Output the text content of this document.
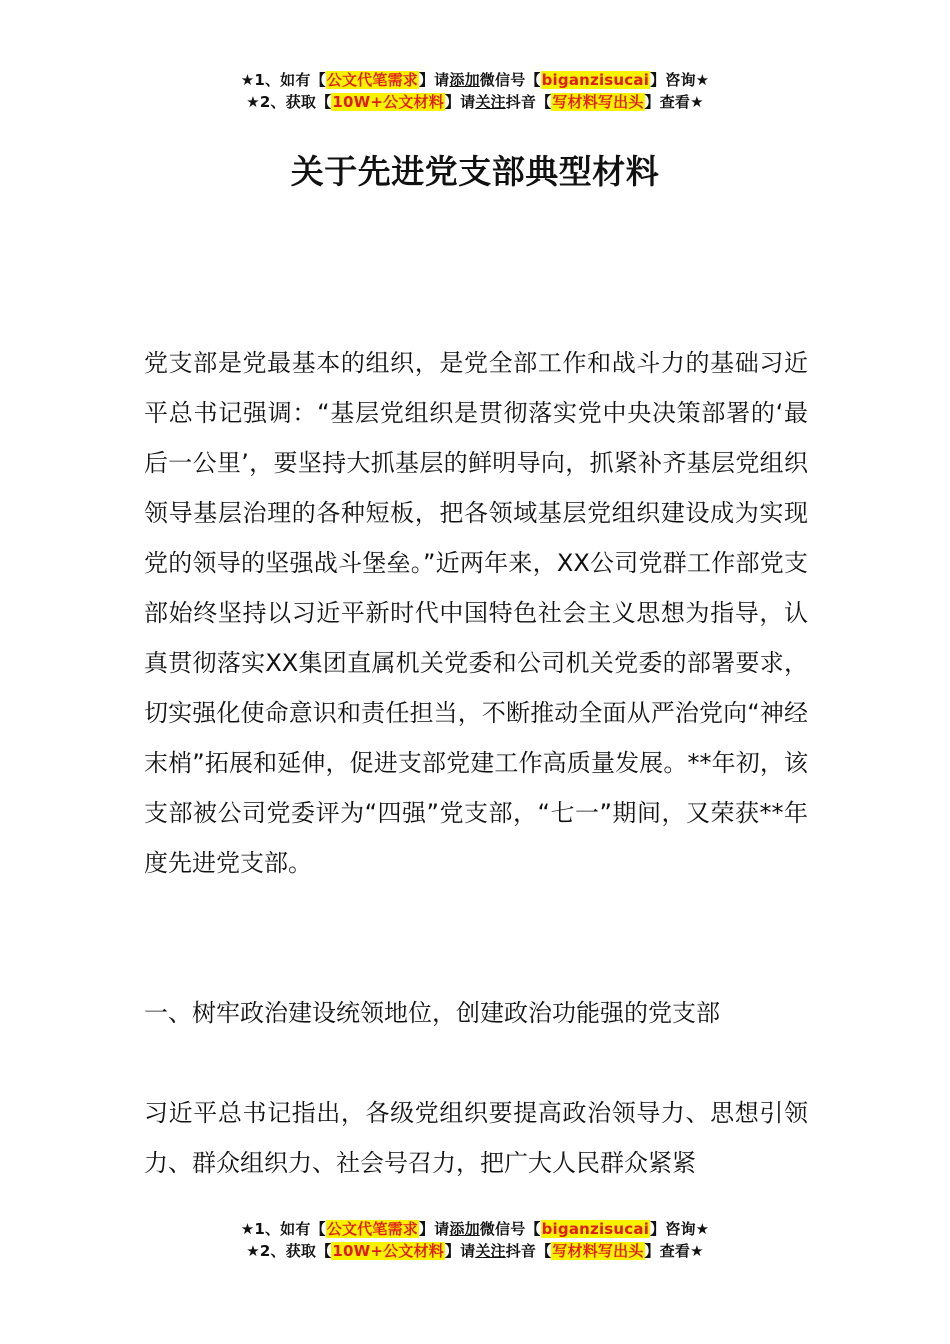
★1、如有【公文代笔需求】请添加微信号【biganzisucai】咨询★
★2、获取【10W+公文材料】请关注抖音【写材料写出头】查看★
关于先进党支部典型材料

党支部是党最基本的组织，是党全部工作和战斗力的基础习近平总书记强调：“基层党组织是贯彻落实党中央决策部署的‘最后一公里’，要坚持大抓基层的鲜明导向，抓紧补齐基层党组织领导基层治理的各种短板，把各领域基层党组织建设成为实现党的领导的坚强战斗堡垒。”近两年来，XX公司党群工作部党支部始终坚持以习近平新时代中国特色社会主义思想为指导，认真贯彻落实XX集团直属机关党委和公司机关党委的部署要求，切实强化使命意识和责任担当，不断推动全面从严治党向“神经末梢”拓展和延伸，促进支部党建工作高质量发展。**年初，该支部被公司党委评为“四强”党支部，“七一”期间，又荣获**年度先进党支部。

一、树牢政治建设统领地位，创建政治功能强的党支部

习近平总书记指出，各级党组织要提高政治领导力、思想引领力、群众组织力、社会号召力，把广大人民群众紧紧

★1、如有【公文代笔需求】请添加微信号【biganzisucai】咨询★
★2、获取【10W+公文材料】请关注抖音【写材料写出头】查看★
